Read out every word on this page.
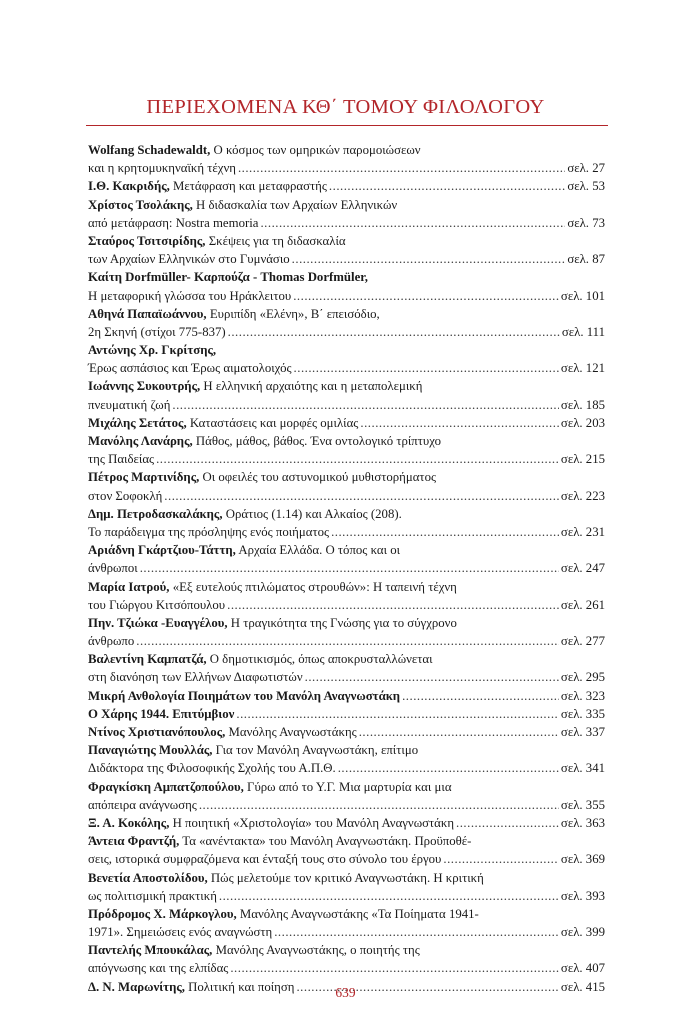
ΠΕΡΙΕΧΟΜΕΝΑ ΚΘ΄ ΤΟΜΟΥ ΦΙΛΟΛΟΓΟΥ
Wolfang Schadewaldt, Ο κόσμος των ομηρικών παρομοιώσεων
και η κρητομυκηναϊκή τέχνη .....	σελ. 27
Ι.Θ. Κακριδής, Μετάφραση και μεταφραστής .....	σελ. 53
Χρίστος Τσολάκης, Η διδασκαλία των Αρχαίων Ελληνικών
από μετάφραση: Nostra memoria .....	σελ. 73
Σταύρος Τσιτσιρίδης, Σκέψεις για τη διδασκαλία
των Αρχαίων Ελληνικών στο Γυμνάσιο .....	σελ. 87
Καίτη Dorfmüller- Καρπούζα - Thomas Dorfmüler,
Η μεταφορική γλώσσα του Ηράκλειτου .....	σελ. 101
Αθηνά Παπαϊωάννου, Ευριπίδη «Ελένη», Β΄ επεισόδιο,
2η Σκηνή (στίχοι 775-837) .....	σελ. 111
Αντώνης Χρ. Γκρίτσης,
Έρως ασπάσιος και Έρως αιματολοιχός .....	σελ. 121
Ιωάννης Συκουτρής, Η ελληνική αρχαιότης και η μεταπολεμική
πνευματική ζωή .....	σελ. 185
Μιχάλης Σετάτος, Καταστάσεις και μορφές ομιλίας .....	σελ. 203
Μανόλης Λανάρης, Πάθος, μάθος, βάθος. Ένα οντολογικό τρίπτυχο
της Παιδείας .....	σελ. 215
Πέτρος Μαρτινίδης, Οι οφειλές του αστυνομικού μυθιστορήματος
στον Σοφοκλή .....	σελ. 223
Δημ. Πετροδασκαλάκης, Οράτιος (1.14) και Αλκαίος (208).
Το παράδειγμα της πρόσληψης ενός ποιήματος .....	σελ. 231
Αριάδνη Γκάρτζιου-Τάττη, Αρχαία Ελλάδα. Ο τόπος και οι
άνθρωποι .....	σελ. 247
Μαρία Ιατρού, «Εξ ευτελούς πτιλώματος στρουθών»: Η ταπεινή τέχνη
του Γιώργου Κιτσόπουλου .....	σελ. 261
Πην. Τζιώκα -Ευαγγέλου, Η τραγικότητα της Γνώσης για το σύγχρονο
άνθρωπο .....	σελ. 277
Βαλεντίνη Καμπατζά, Ο δημοτικισμός, όπως αποκρυσταλλώνεται
στη διανόηση των Ελλήνων Διαφωτιστών .....	σελ. 295
Μικρή Ανθολογία Ποιημάτων του Μανόλη Αναγνωστάκη .....	σελ. 323
Ο Χάρης 1944. Επιτύμβιον .....	σελ. 335
Ντίνος Χριστιανόπουλος, Μανόλης Αναγνωστάκης .....	σελ. 337
Παναγιώτης Μουλλάς, Για τον Μανόλη Αναγνωστάκη, επίτιμο
Διδάκτορα της Φιλοσοφικής Σχολής του Α.Π.Θ. .....	σελ. 341
Φραγκίσκη Αμπατζοπούλου, Γύρω από το Υ.Γ. Μια μαρτυρία και μια
απόπειρα ανάγνωσης .....	σελ. 355
Ξ. Α. Κοκόλης, Η ποιητική «Χριστολογία» του Μανόλη Αναγνωστάκη .....	σελ. 363
Άντεια Φραντζή, Τα «ανέντακτα» του Μανόλη Αναγνωστάκη. Προϋποθέ-
σεις, ιστορικά συμφραζόμενα και ένταξή τους στο σύνολο του έργου .....	σελ. 369
Βενετία Αποστολίδου, Πώς μελετούμε τον κριτικό Αναγνωστάκη. Η κριτική
ως πολιτισμική πρακτική .....	σελ. 393
Πρόδρομος Χ. Μάρκογλου, Μανόλης Αναγνωστάκης «Τα Ποίηματα 1941-
1971». Σημειώσεις ενός αναγνώστη .....	σελ. 399
Παντελής Μπουκάλας, Μανόλης Αναγνωστάκης, ο ποιητής της
απόγνωσης και της ελπίδας .....	σελ. 407
Δ. Ν. Μαρωνίτης, Πολιτική και ποίηση .....	σελ. 415
639
